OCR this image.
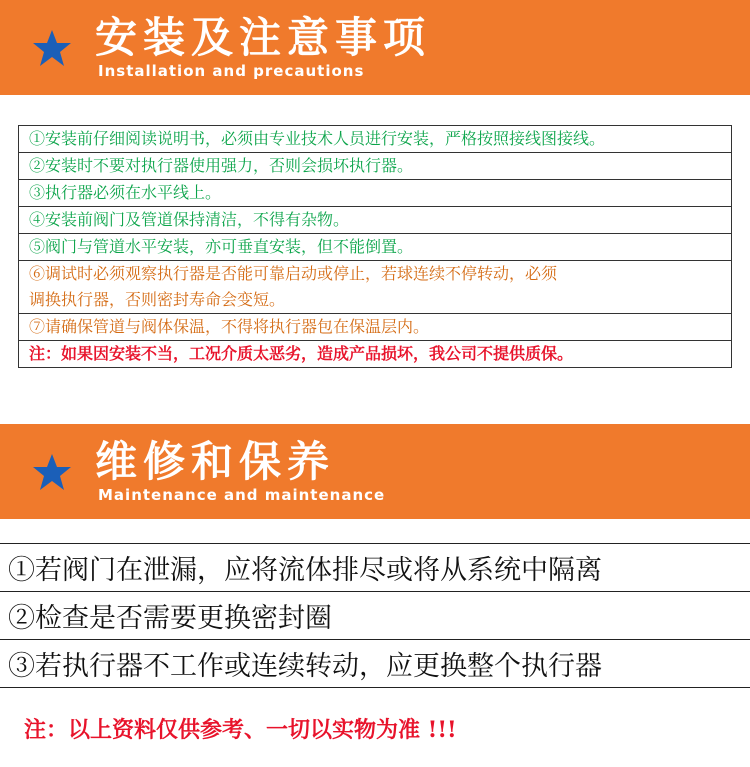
安装及注意事项
Installation and precautions
①安装前仔细阅读说明书，必须由专业技术人员进行安装，严格按照接线图接线。
②安装时不要对执行器使用强力，否则会损坏执行器。
③执行器必须在水平线上。
④安装前阀门及管道保持清洁，不得有杂物。
⑤阀门与管道水平安装，亦可垂直安装，但不能倒置。

⑥调试时必须观察执行器是否能可靠启动或停止，若球连续不停转动，必须
调换执行器，否则密封寿命会变短。

⑦请确保管道与阀体保温，不得将执行器包在保温层内。
注：如果因安装不当，工况介质太恶劣，造成产品损坏，我公司不提供质保。
维修和保养
Maintenance and maintenance
①若阀门在泄漏，应将流体排尽或将从系统中隔离
②检查是否需要更换密封圈
③若执行器不工作或连续转动，应更换整个执行器
注：以上资料仅供参考、一切以实物为准 !!!
